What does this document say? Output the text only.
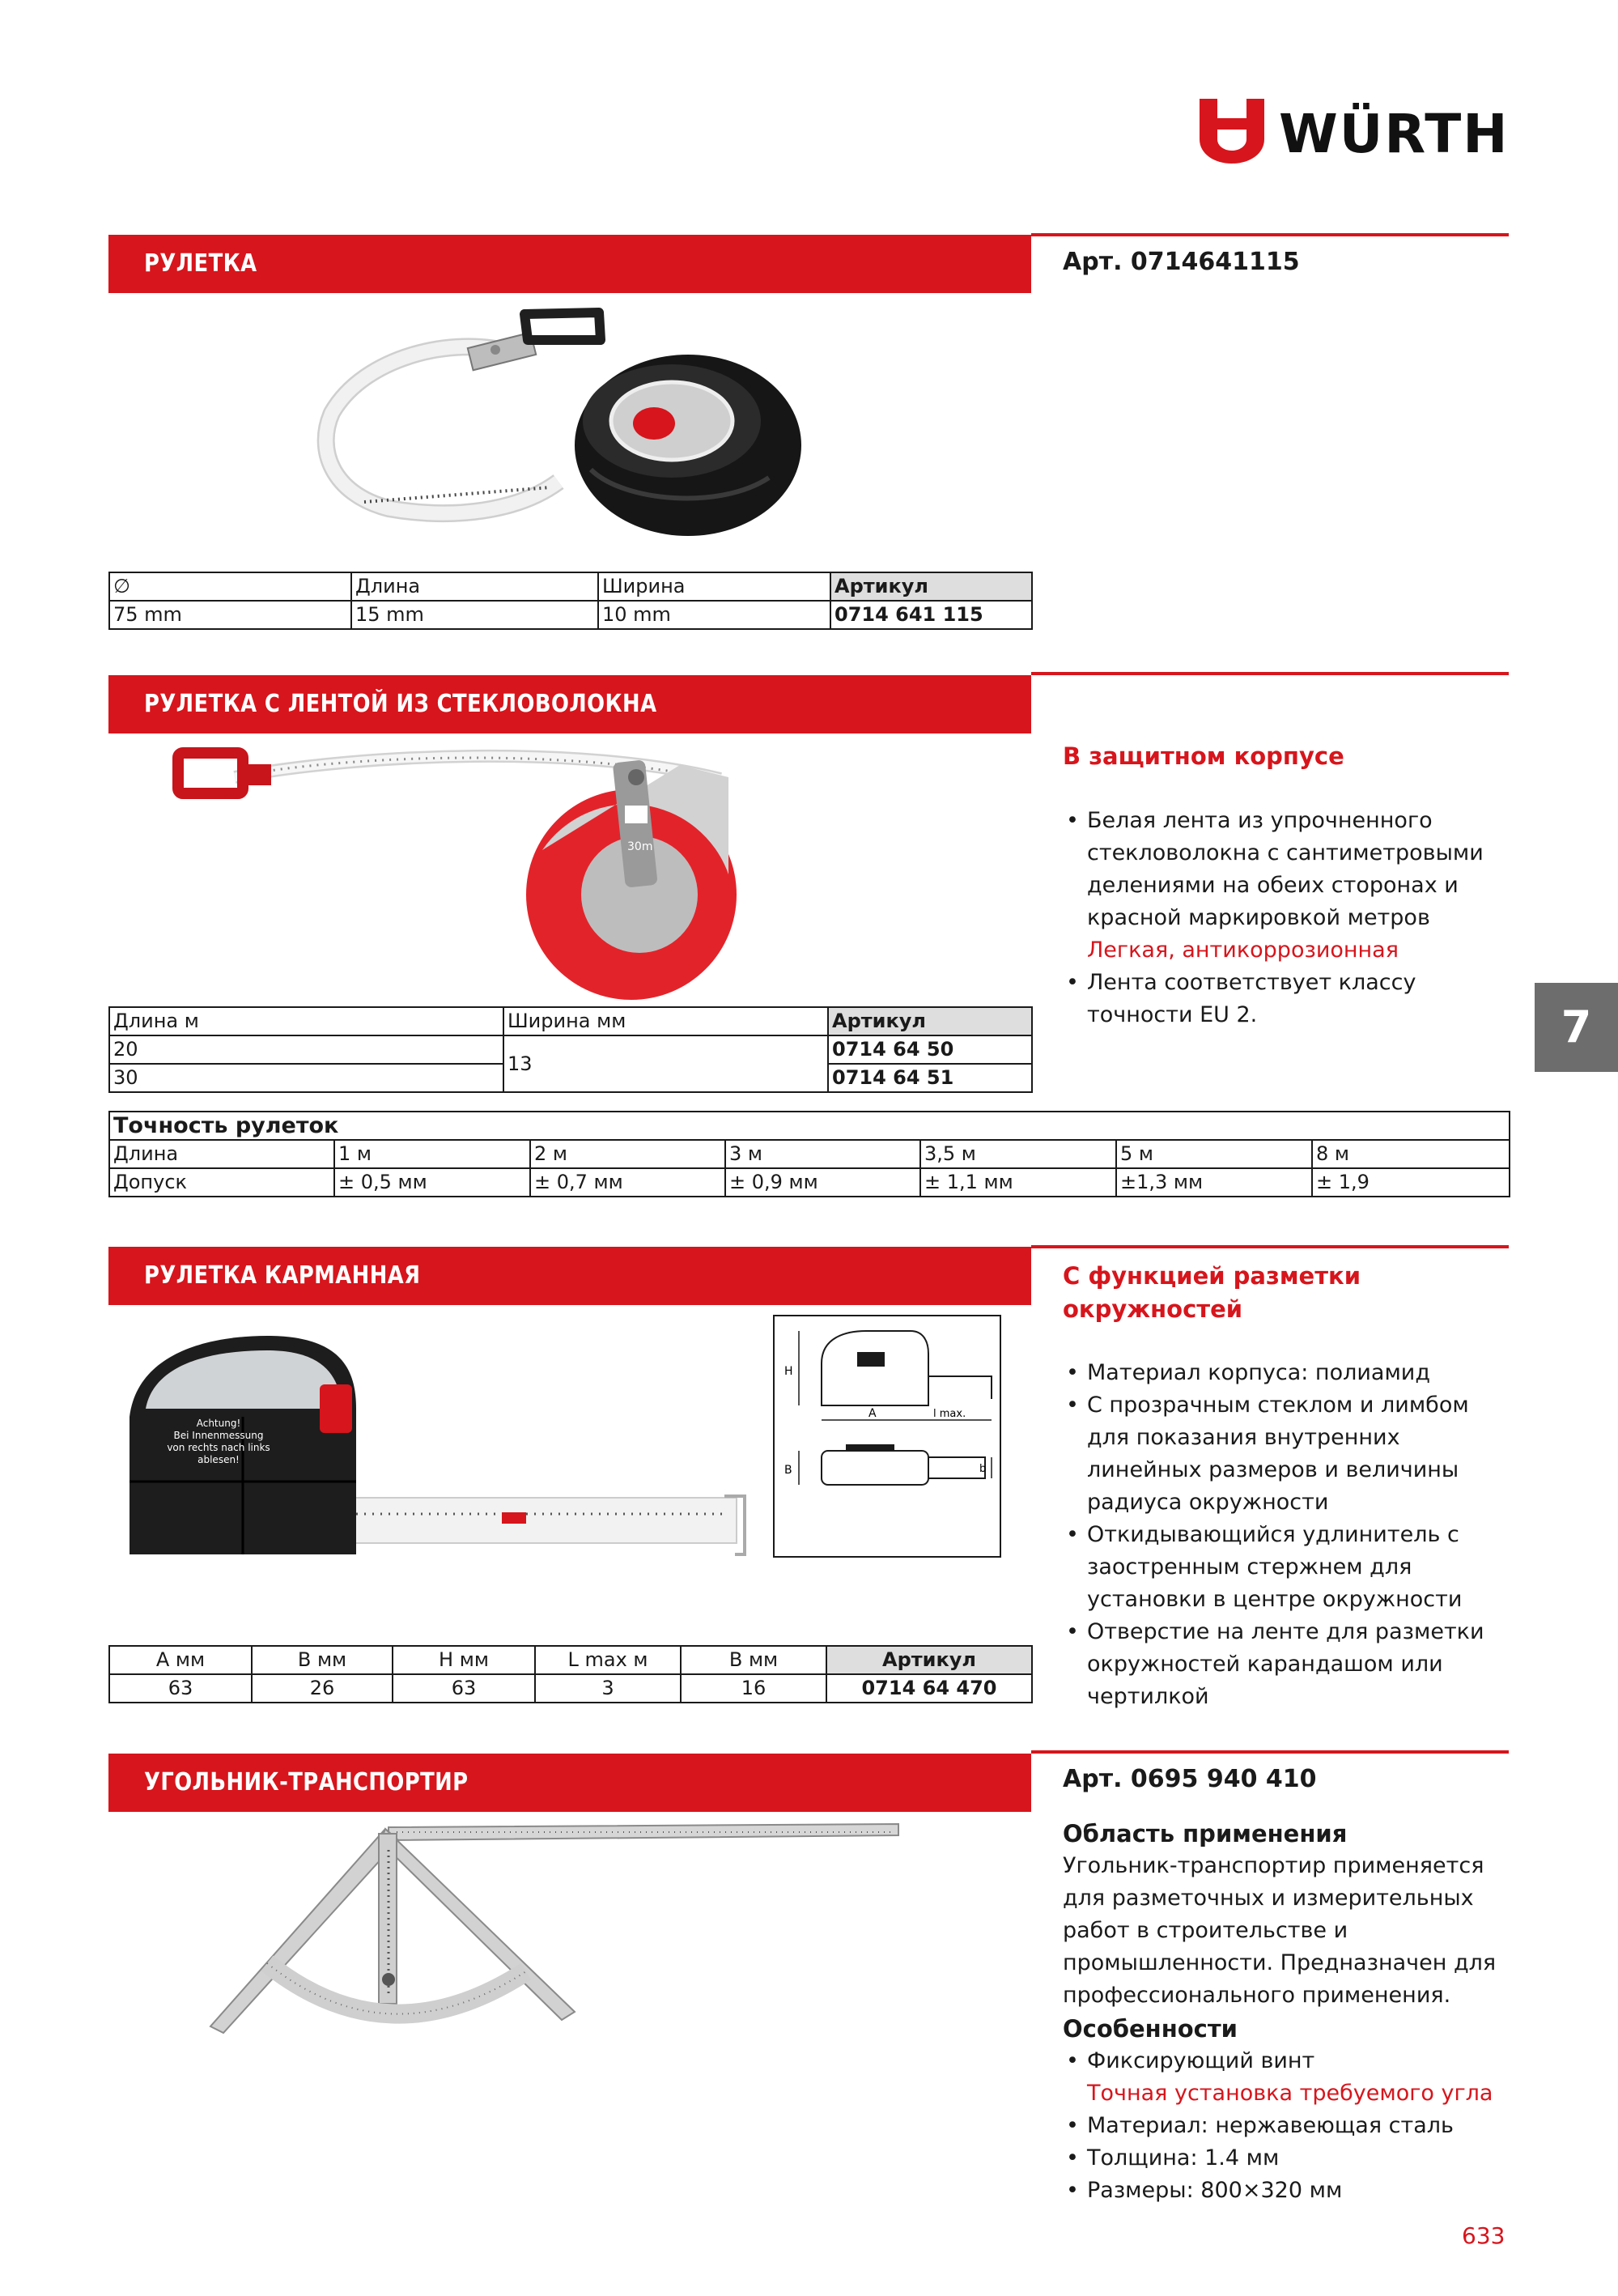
WÜRTH
РУЛЕТКА	Арт. 0714641115
∅	Длина	Ширина	Артикул
75 mm	15 mm	10 mm	0714 641 115
РУЛЕТКА С ЛЕНТОЙ ИЗ СТЕКЛОВОЛОКНА
В защитном корпусе
• Белая лента из упрочненного стекловолокна с сантиметровыми делениями на обеих сторонах и красной маркировкой метров
Легкая, антикоррозионная
• Лента соответствует классу точности EU 2.
30m
Длина м	Ширина мм	Артикул
20	13	0714 64 50
30		0714 64 51
Точность рулеток						
Длина	1 м	2 м	3 м	3,5 м	5 м	8 м
Допуск	± 0,5 мм	± 0,7 мм	± 0,9 мм	± 1,1 мм	±1,3 мм	± 1,9
7
РУЛЕТКА КАРМАННАЯ	С функцией разметки
окружностей
• Материал корпуса: полиамид
• С прозрачным стеклом и лимбом для показания внутренних линейных размеров и величины радиуса окружности
• Откидывающийся удлинитель с заостренным стержнем для установки в центре окружности
• Отверстие на ленте для разметки окружностей карандашом или чертилкой
Achtung!
Bei Innenmessung
von rechts nach links
ablesen!
H
A	l max.
B	b
A мм	B мм	H мм	L max м	B мм	Артикул
63	26	63	3	16	0714 64 470
УГОЛЬНИК-ТРАНСПОРТИР	Арт. 0695 940 410
Область применения
Угольник-транспортир применяется для разметочных и измерительных работ в строительстве и промышленности. Предназначен для профессионального применения.
Особенности
• Фиксирующий винт
Точная установка требуемого угла
• Материал: нержавеющая сталь
• Толщина: 1.4 мм
• Размеры: 800×320 мм
633
